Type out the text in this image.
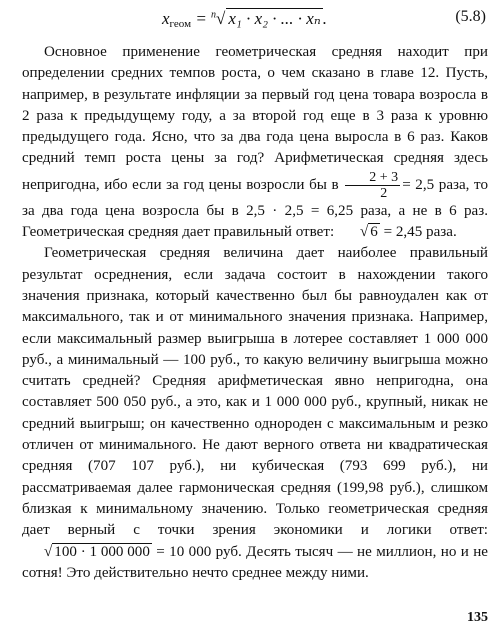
$x_{геом} = ^n√$ x₁ · x₂ · ... · xₙ .	(5.8)

Основное применение геометрическая средняя находит при определении средних темпов роста, о чем сказано в главе 12. Пусть, например, в результате инфляции за первый год цена товара возросла в 2 раза к предыдущему году, а за второй год еще в 3 раза к уровню предыдущего года. Ясно, что за два года цена выросла в 6 раз. Каков средний темп роста цены за год? Арифметическая средняя здесь непригодна, ибо если за год цены возросли бы в $\frac{2 + 3}{2} = 2,5$ раза, то за два года цена возросла бы в 2,5 · 2,5 = 6,25 раза, а не в 6 раз. Геометрическая средняя дает правильный ответ: √ 6 = 2,45 раза.

Геометрическая средняя величина дает наиболее правильный результат осреднения, если задача состоит в нахождении такого значения признака, который качественно был бы равноудален как от максимального, так и от минимального значения признака. Например, если максимальный размер выигрыша в лотерее составляет 1 000 000 руб., а минимальный — 100 руб., то какую величину выигрыша можно считать средней? Средняя арифметическая явно непригодна, она составляет 500 050 руб., а это, как и 1 000 000 руб., крупный, никак не средний выигрыш; он качественно однороден с максимальным и резко отличен от минимального. Не дают верного ответа ни квадратическая средняя (707 107 руб.), ни кубическая (793 699 руб.), ни рассматриваемая далее гармоническая средняя (199,98 руб.), слишком близкая к минимальному значению. Только геометрическая средняя дает верный с точки зрения экономики и логики ответ: √ 100 · 1 000 000 = 10 000 руб. Десять тысяч — не миллион, но и не сотня! Это действительно нечто среднее между ними.

135
